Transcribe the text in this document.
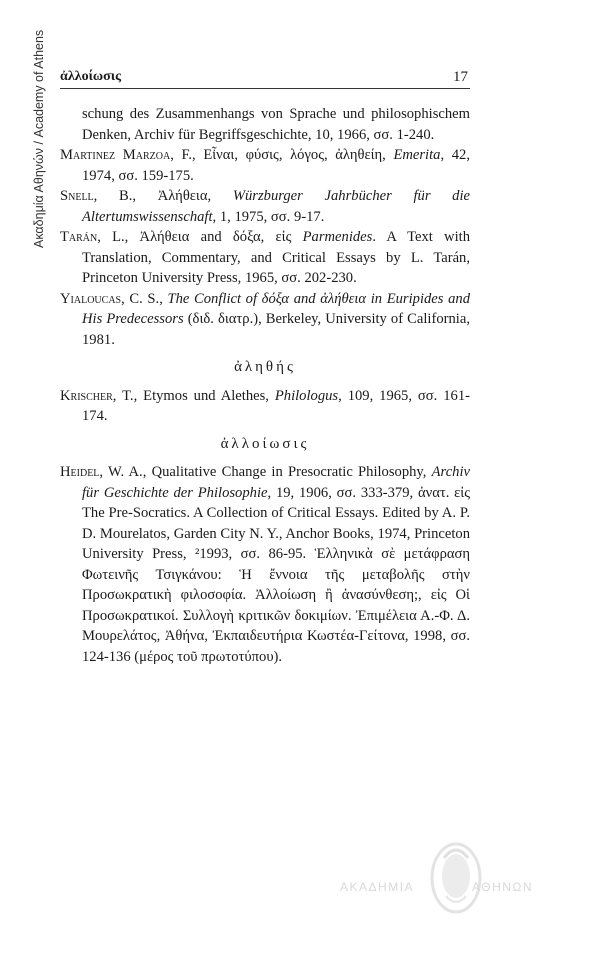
Ακαδημία Αθηνών / Academy of Athens ἀλλοίωσις	17

schung des Zusammenhangs von Sprache und philosophischem Denken, Archiv für Begriffsgeschichte, 10, 1966, σσ. 1-240.

Martinez Marzoa, F., Εἶναι, φύσις, λόγος, ἀληθείη, Emerita, 42, 1974, σσ. 159-175.

Snell, B., Ἀλήθεια, Würzburger Jahrbücher für die Altertumswissenschaft, 1, 1975, σσ. 9-17.

Tarán, L., Ἀλήθεια and δόξα, εἰς Parmenides. A Text with Translation, Commentary, and Critical Essays by L. Tarán, Princeton University Press, 1965, σσ. 202-230.

Yialoucas, C. S., The Conflict of δόξα and ἀλήθεια in Euripides and His Predecessors (διδ. διατρ.), Berkeley, University of California, 1981.

ἀληθής

Krischer, T., Etymos und Alethes, Philologus, 109, 1965, σσ. 161-174.

ἀλλοίωσις

Heidel, W. A., Qualitative Change in Presocratic Philosophy, Archiv für Geschichte der Philosophie, 19, 1906, σσ. 333-379, ἀνατ. εἰς The Pre-Socratics. A Collection of Critical Essays. Edited by A. P. D. Mourelatos, Garden City N. Y., Anchor Books, 1974, Princeton University Press, ²1993, σσ. 86-95. Ἑλληνικὰ σὲ μετάφραση Φωτεινῆς Τσιγκάνου: Ἡ ἔννοια τῆς μεταβολῆς στὴν Προσωκρατικὴ φιλοσοφία. Ἀλλοίωση ἢ ἀνασύνθεση;, εἰς Οἱ Προσωκρατικοί. Συλλογὴ κριτικῶν δοκιμίων. Ἐπιμέλεια Α.-Φ. Δ. Μουρελάτος, Ἀθήνα, Ἐκπαιδευτήρια Κωστέα-Γείτονα, 1998, σσ. 124-136 (μέρος τοῦ πρωτοτύπου).

ΑΚΑΔΗΜΙΑ	ΑΘΗΝΩΝ
